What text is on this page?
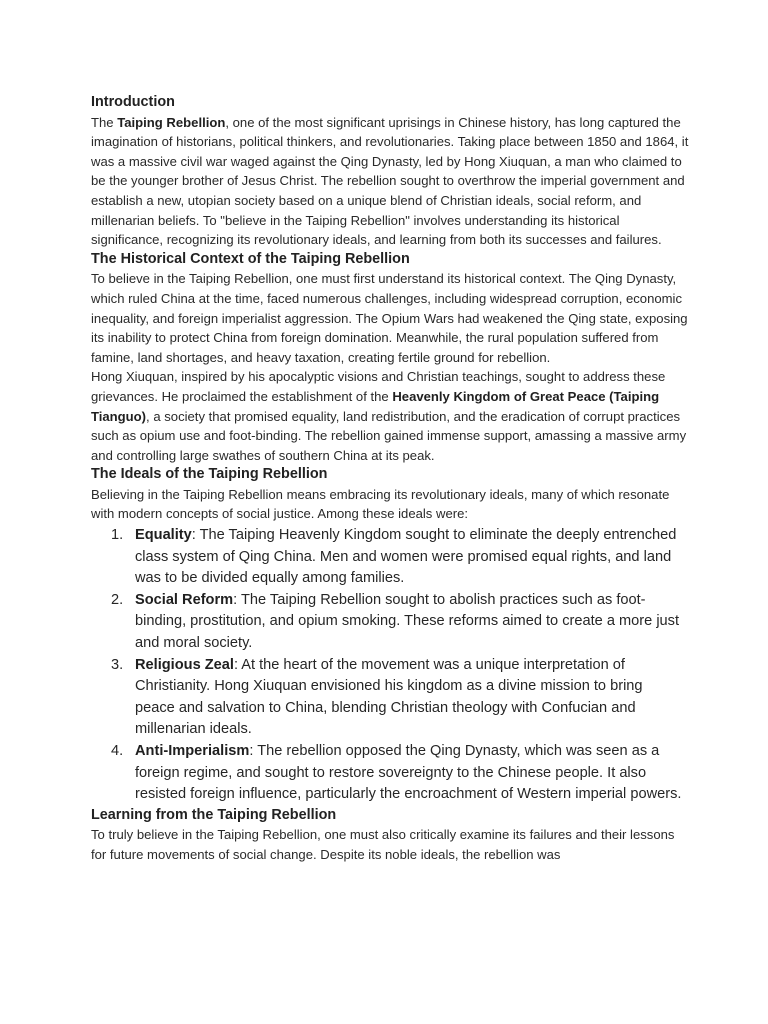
Introduction

The Taiping Rebellion, one of the most significant uprisings in Chinese history, has long captured the imagination of historians, political thinkers, and revolutionaries. Taking place between 1850 and 1864, it was a massive civil war waged against the Qing Dynasty, led by Hong Xiuquan, a man who claimed to be the younger brother of Jesus Christ. The rebellion sought to overthrow the imperial government and establish a new, utopian society based on a unique blend of Christian ideals, social reform, and millenarian beliefs. To "believe in the Taiping Rebellion" involves understanding its historical significance, recognizing its revolutionary ideals, and learning from both its successes and failures.

The Historical Context of the Taiping Rebellion

To believe in the Taiping Rebellion, one must first understand its historical context. The Qing Dynasty, which ruled China at the time, faced numerous challenges, including widespread corruption, economic inequality, and foreign imperialist aggression. The Opium Wars had weakened the Qing state, exposing its inability to protect China from foreign domination. Meanwhile, the rural population suffered from famine, land shortages, and heavy taxation, creating fertile ground for rebellion.

Hong Xiuquan, inspired by his apocalyptic visions and Christian teachings, sought to address these grievances. He proclaimed the establishment of the Heavenly Kingdom of Great Peace (Taiping Tianguo), a society that promised equality, land redistribution, and the eradication of corrupt practices such as opium use and foot-binding. The rebellion gained immense support, amassing a massive army and controlling large swathes of southern China at its peak.

The Ideals of the Taiping Rebellion

Believing in the Taiping Rebellion means embracing its revolutionary ideals, many of which resonate with modern concepts of social justice. Among these ideals were:

1. Equality: The Taiping Heavenly Kingdom sought to eliminate the deeply entrenched class system of Qing China. Men and women were promised equal rights, and land was to be divided equally among families.
2. Social Reform: The Taiping Rebellion sought to abolish practices such as foot-binding, prostitution, and opium smoking. These reforms aimed to create a more just and moral society.
3. Religious Zeal: At the heart of the movement was a unique interpretation of Christianity. Hong Xiuquan envisioned his kingdom as a divine mission to bring peace and salvation to China, blending Christian theology with Confucian and millenarian ideals.
4. Anti-Imperialism: The rebellion opposed the Qing Dynasty, which was seen as a foreign regime, and sought to restore sovereignty to the Chinese people. It also resisted foreign influence, particularly the encroachment of Western imperial powers.
Learning from the Taiping Rebellion

To truly believe in the Taiping Rebellion, one must also critically examine its failures and their lessons for future movements of social change. Despite its noble ideals, the rebellion was
